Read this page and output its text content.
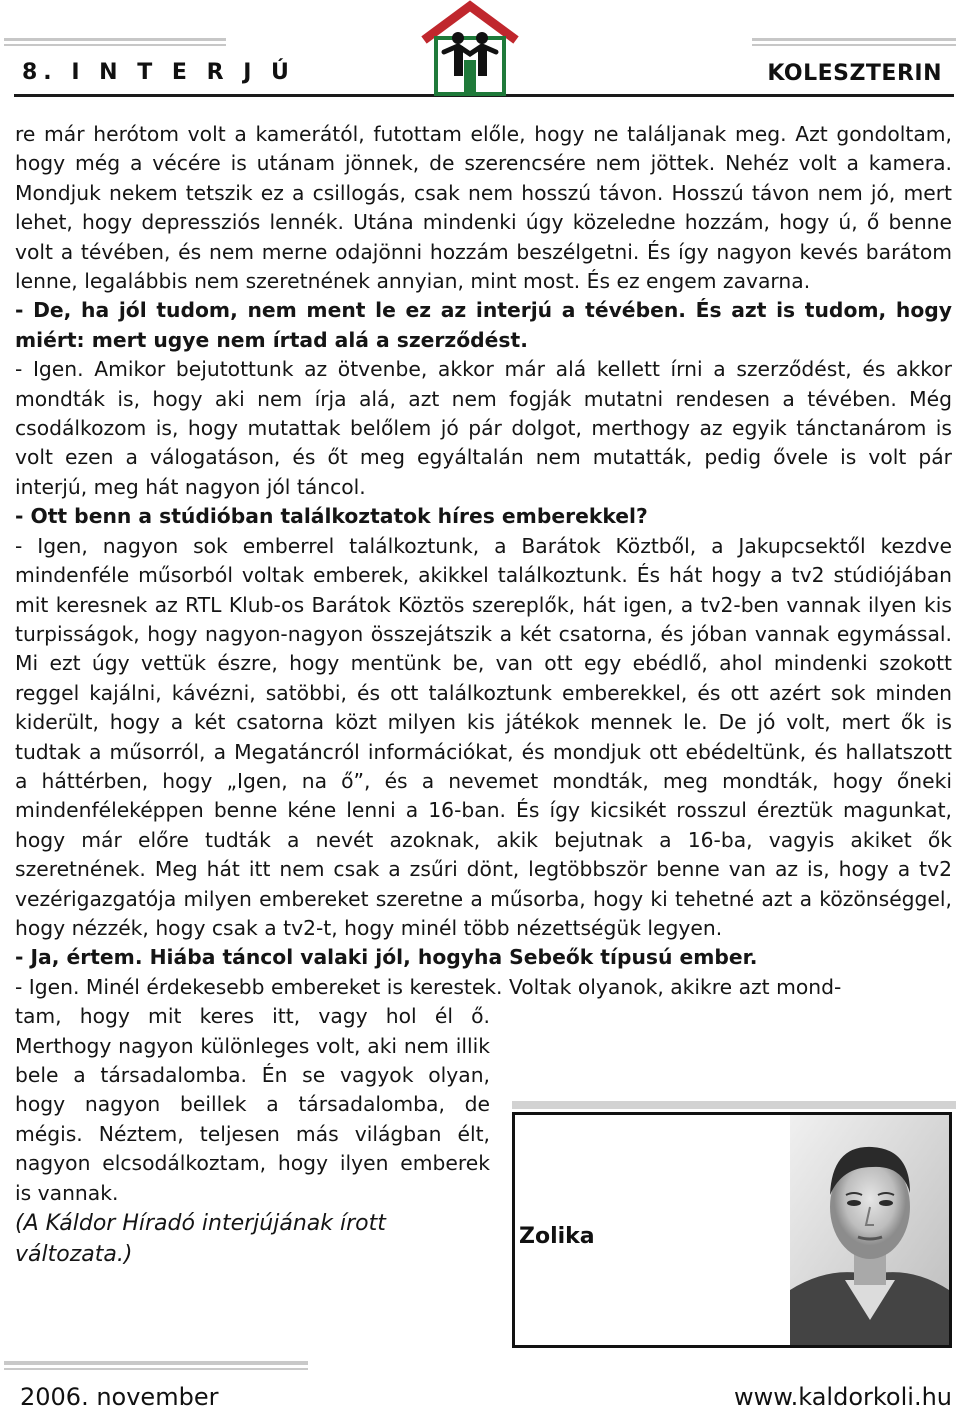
8. I N T E R J Ú	KOLESZTERIN

re már herótom volt a kamerától, futottam előle, hogy ne találjanak meg. Azt gondoltam, hogy még a vécére is utánam jönnek, de szerencsére nem jöttek. Nehéz volt a kamera. Mondjuk nekem tetszik ez a csillogás, csak nem hosszú távon. Hosszú távon nem jó, mert lehet, hogy depressziós lennék. Utána mindenki úgy közeledne hozzám, hogy ú, ő benne volt a tévében, és nem merne odajönni hozzám beszélgetni. És így nagyon kevés barátom lenne, legalábbis nem szeretnének annyian, mint most. És ez engem zavarna.

- De, ha jól tudom, nem ment le ez az interjú a tévében. És azt is tudom, hogy miért: mert ugye nem írtad alá a szerződést.

- Igen. Amikor bejutottunk az ötvenbe, akkor már alá kellett írni a szerződést, és akkor mondták is, hogy aki nem írja alá, azt nem fogják mutatni rendesen a tévében. Még csodálkozom is, hogy mutattak belőlem jó pár dolgot, merthogy az egyik tánctanárom is volt ezen a válogatáson, és őt meg egyáltalán nem mutatták, pedig ővele is volt pár interjú, meg hát nagyon jól táncol.

- Ott benn a stúdióban találkoztatok híres emberekkel?

- Igen, nagyon sok emberrel találkoztunk, a Barátok Köztből, a Jakupcsektől kezdve mindenféle műsorból voltak emberek, akikkel találkoztunk. És hát hogy a tv2 stúdiójában mit keresnek az RTL Klub-os Barátok Köztös szereplők, hát igen, a tv2-ben vannak ilyen kis turpisságok, hogy nagyon-nagyon összejátszik a két csatorna, és jóban vannak egymással. Mi ezt úgy vettük észre, hogy mentünk be, van ott egy ebédlő, ahol mindenki szokott reggel kajálni, kávézni, satöbbi, és ott találkoztunk emberekkel, és ott azért sok minden kiderült, hogy a két csatorna közt milyen kis játékok mennek le. De jó volt, mert ők is tudtak a műsorról, a Megatáncról információkat, és mondjuk ott ebédeltünk, és hallatszott a háttérben, hogy „Igen, na ő”, és a nevemet mondták, meg mondták, hogy őneki mindenféleképpen benne kéne lenni a 16-ban. És így kicsikét rosszul éreztük magunkat, hogy már előre tudták a nevét azoknak, akik bejutnak a 16-ba, vagyis akiket ők szeretnének. Meg hát itt nem csak a zsűri dönt, legtöbbször benne van az is, hogy a tv2 vezérigazgatója milyen embereket szeretne a műsorba, hogy ki tehetné azt a közönséggel, hogy nézzék, hogy csak a tv2-t, hogy minél több nézettségük legyen.

- Ja, értem. Hiába táncol valaki jól, hogyha Sebeők típusú ember.

- Igen. Minél érdekesebb embereket is kerestek. Voltak olyanok, akikre azt mond-

tam, hogy mit keres itt, vagy hol él ő. Merthogy nagyon különleges volt, aki nem illik bele a társadalomba. Én se vagyok olyan, hogy nagyon beillek a társadalomba, de mégis. Néztem, teljesen más világban élt, nagyon elcsodálkoztam, hogy ilyen emberek is vannak.

(A Káldor Híradó interjújának írott változata.)

Zolika
2006. november	www.kaldorkoli.hu
